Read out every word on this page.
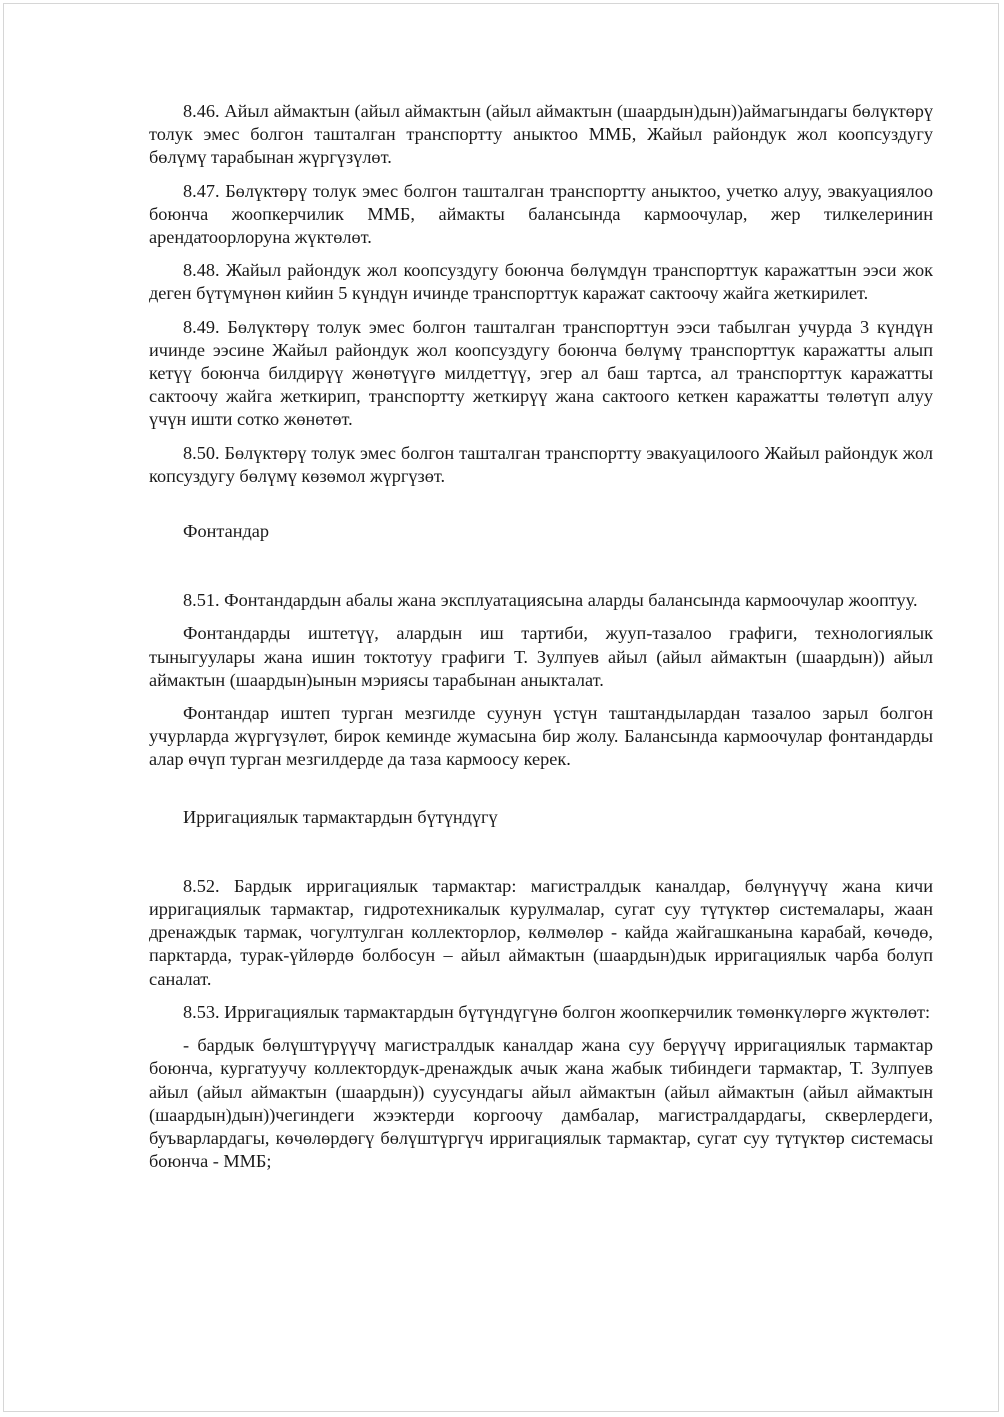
8.46. Айыл аймактын (айыл аймактын (айыл аймактын (шаардын)дын))аймагындагы бөлүктөрү толук эмес болгон ташталган транспортту аныктоо ММБ, Жайыл райондук жол коопсуздугу бөлүмү тарабынан жүргүзүлөт.

8.47. Бөлүктөрү толук эмес болгон ташталган транспортту аныктоо, учетко алуу, эвакуациялоо боюнча жоопкерчилик ММБ, аймакты балансында кармоочулар, жер тилкелеринин арендатоорлоруна жүктөлөт.

8.48. Жайыл райондук жол коопсуздугу боюнча бөлүмдүн транспорттук каражаттын ээси жок деген бүтүмүнөн кийин 5 күндүн ичинде транспорттук каражат сактоочу жайга жеткирилет.

8.49. Бөлүктөрү толук эмес болгон ташталган транспорттун ээси табылган учурда 3 күндүн ичинде ээсине Жайыл райондук жол коопсуздугу боюнча бөлүмү транспорттук каражатты алып кетүү боюнча билдирүү жөнөтүүгө милдеттүү, эгер ал баш тартса, ал транспорттук каражатты сактоочу жайга жеткирип, транспортту жеткирүү жана сактоого кеткен каражатты төлөтүп алуу үчүн ишти сотко жөнөтөт.

8.50. Бөлүктөрү толук эмес болгон ташталган транспортту эвакуацилоого Жайыл райондук жол копсуздугу бөлүмү көзөмол жүргүзөт.

Фонтандар

8.51. Фонтандардын абалы жана эксплуатациясына аларды балансында кармоочулар жооптуу.

Фонтандарды иштетүү, алардын иш тартиби, жууп-тазалоо графиги, технологиялык тыныгуулары жана ишин токтотуу графиги Т. Зулпуев айыл (айыл аймактын (шаардын)) айыл аймактын (шаардын)ынын мэриясы тарабынан аныкталат.

Фонтандар иштеп турган мезгилде суунун үстүн таштандылардан тазалоо зарыл болгон учурларда жүргүзүлөт, бирок кеминде жумасына бир жолу. Балансында кармоочулар фонтандарды алар өчүп турган мезгилдерде да таза кармоосу керек.

Ирригациялык тармактардын бүтүндүгү

8.52. Бардык ирригациялык тармактар: магистралдык каналдар, бөлүнүүчү жана кичи ирригациялык тармактар, гидротехникалык курулмалар, сугат суу түтүктөр системалары, жаан дренаждык тармак, чогултулган коллекторлор, көлмөлөр - кайда жайгашканына карабай, көчөдө, парктарда, турак-үйлөрдө болбосун – айыл аймактын (шаардын)дык ирригациялык чарба болуп саналат.

8.53. Ирригациялык тармактардын бүтүндүгүнө болгон жоопкерчилик төмөнкүлөргө жүктөлөт:

- бардык бөлүштүрүүчү магистралдык каналдар жана суу берүүчү ирригациялык тармактар боюнча, кургатуучу коллектордук-дренаждык ачык жана жабык тибиндеги тармактар, Т. Зулпуев айыл (айыл аймактын (шаардын)) суусундагы айыл аймактын (айыл аймактын (айыл аймактын (шаардын)дын))чегиндеги жээктерди коргоочу дамбалар, магистралдардагы, скверлердеги, буъварлардагы, көчөлөрдөгү бөлүштүргүч ирригациялык тармактар, сугат суу түтүктөр системасы боюнча - ММБ;
